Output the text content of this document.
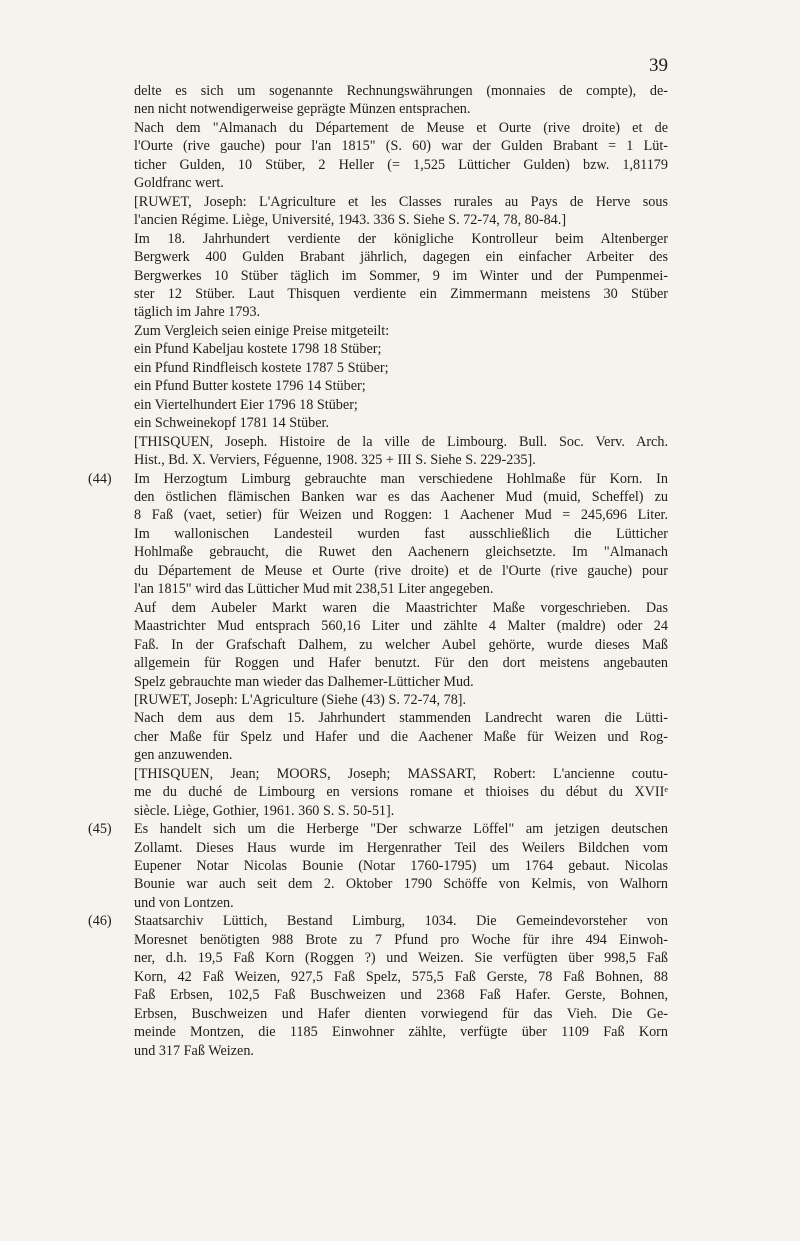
39
delte es sich um sogenannte Rechnungswährungen (monnaies de compte), de-
nen nicht notwendigerweise geprägte Münzen entsprachen.
Nach dem "Almanach du Département de Meuse et Ourte (rive droite) et de
l'Ourte (rive gauche) pour l'an 1815" (S. 60) war der Gulden Brabant = 1 Lüt-
ticher Gulden, 10 Stüber, 2 Heller (= 1,525 Lütticher Gulden) bzw. 1,81179
Goldfranc wert.
[RUWET, Joseph: L'Agriculture et les Classes rurales au Pays de Herve sous
l'ancien Régime. Liège, Université, 1943. 336 S. Siehe S. 72-74, 78, 80-84.]
Im 18. Jahrhundert verdiente der königliche Kontrolleur beim Altenberger
Bergwerk 400 Gulden Brabant jährlich, dagegen ein einfacher Arbeiter des
Bergwerkes 10 Stüber täglich im Sommer, 9 im Winter und der Pumpenmei-
ster 12 Stüber. Laut Thisquen verdiente ein Zimmermann meistens 30 Stüber
täglich im Jahre 1793.
Zum Vergleich seien einige Preise mitgeteilt:
ein Pfund Kabeljau kostete 1798 18 Stüber;
ein Pfund Rindfleisch kostete 1787 5 Stüber;
ein Pfund Butter kostete 1796 14 Stüber;
ein Viertelhundert Eier 1796 18 Stüber;
ein Schweinekopf 1781 14 Stüber.
[THISQUEN, Joseph. Histoire de la ville de Limbourg. Bull. Soc. Verv. Arch.
Hist., Bd. X. Verviers, Féguenne, 1908. 325 + III S. Siehe S. 229-235].
(44)	Im Herzogtum Limburg gebrauchte man verschiedene Hohlmaße für Korn. In
den östlichen flämischen Banken war es das Aachener Mud (muid, Scheffel) zu
8 Faß (vaet, setier) für Weizen und Roggen: 1 Aachener Mud = 245,696 Liter.
Im wallonischen Landesteil wurden fast ausschließlich die Lütticher
Hohlmaße gebraucht, die Ruwet den Aachenern gleichsetzte. Im "Almanach
du Département de Meuse et Ourte (rive droite) et de l'Ourte (rive gauche) pour
l'an 1815" wird das Lütticher Mud mit 238,51 Liter angegeben.
Auf dem Aubeler Markt waren die Maastrichter Maße vorgeschrieben. Das
Maastrichter Mud entsprach 560,16 Liter und zählte 4 Malter (maldre) oder 24
Faß. In der Grafschaft Dalhem, zu welcher Aubel gehörte, wurde dieses Maß
allgemein für Roggen und Hafer benutzt. Für den dort meistens angebauten
Spelz gebrauchte man wieder das Dalhemer-Lütticher Mud.
[RUWET, Joseph: L'Agriculture (Siehe (43) S. 72-74, 78].
Nach dem aus dem 15. Jahrhundert stammenden Landrecht waren die Lütti-
cher Maße für Spelz und Hafer und die Aachener Maße für Weizen und Rog-
gen anzuwenden.
[THISQUEN, Jean; MOORS, Joseph; MASSART, Robert: L'ancienne coutu-
me du duché de Limbourg en versions romane et thioises du début du XVIIᵉ
siècle. Liège, Gothier, 1961. 360 S. S. 50-51].
(45)	Es handelt sich um die Herberge "Der schwarze Löffel" am jetzigen deutschen
Zollamt. Dieses Haus wurde im Hergenrather Teil des Weilers Bildchen vom
Eupener Notar Nicolas Bounie (Notar 1760-1795) um 1764 gebaut. Nicolas
Bounie war auch seit dem 2. Oktober 1790 Schöffe von Kelmis, von Walhorn
und von Lontzen.
(46)	Staatsarchiv Lüttich, Bestand Limburg, 1034. Die Gemeindevorsteher von
Moresnet benötigten 988 Brote zu 7 Pfund pro Woche für ihre 494 Einwoh-
ner, d.h. 19,5 Faß Korn (Roggen ?) und Weizen. Sie verfügten über 998,5 Faß
Korn, 42 Faß Weizen, 927,5 Faß Spelz, 575,5 Faß Gerste, 78 Faß Bohnen, 88
Faß Erbsen, 102,5 Faß Buschweizen und 2368 Faß Hafer. Gerste, Bohnen,
Erbsen, Buschweizen und Hafer dienten vorwiegend für das Vieh. Die Ge-
meinde Montzen, die 1185 Einwohner zählte, verfügte über 1109 Faß Korn
und 317 Faß Weizen.
